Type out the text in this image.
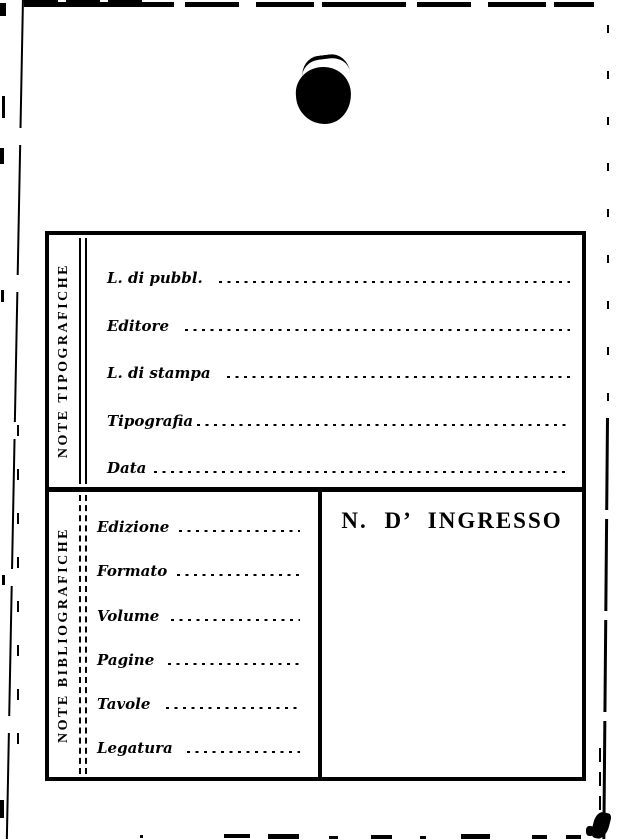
NOTE TIPOGRAFICHE L. di pubbl.
Editore
L. di stampa
Tipografia
Data
NOTE BIBLIOGRAFICHE Edizione
Formato
Volume
Pagine
Tavole
Legatura
N. D’ INGRESSO
